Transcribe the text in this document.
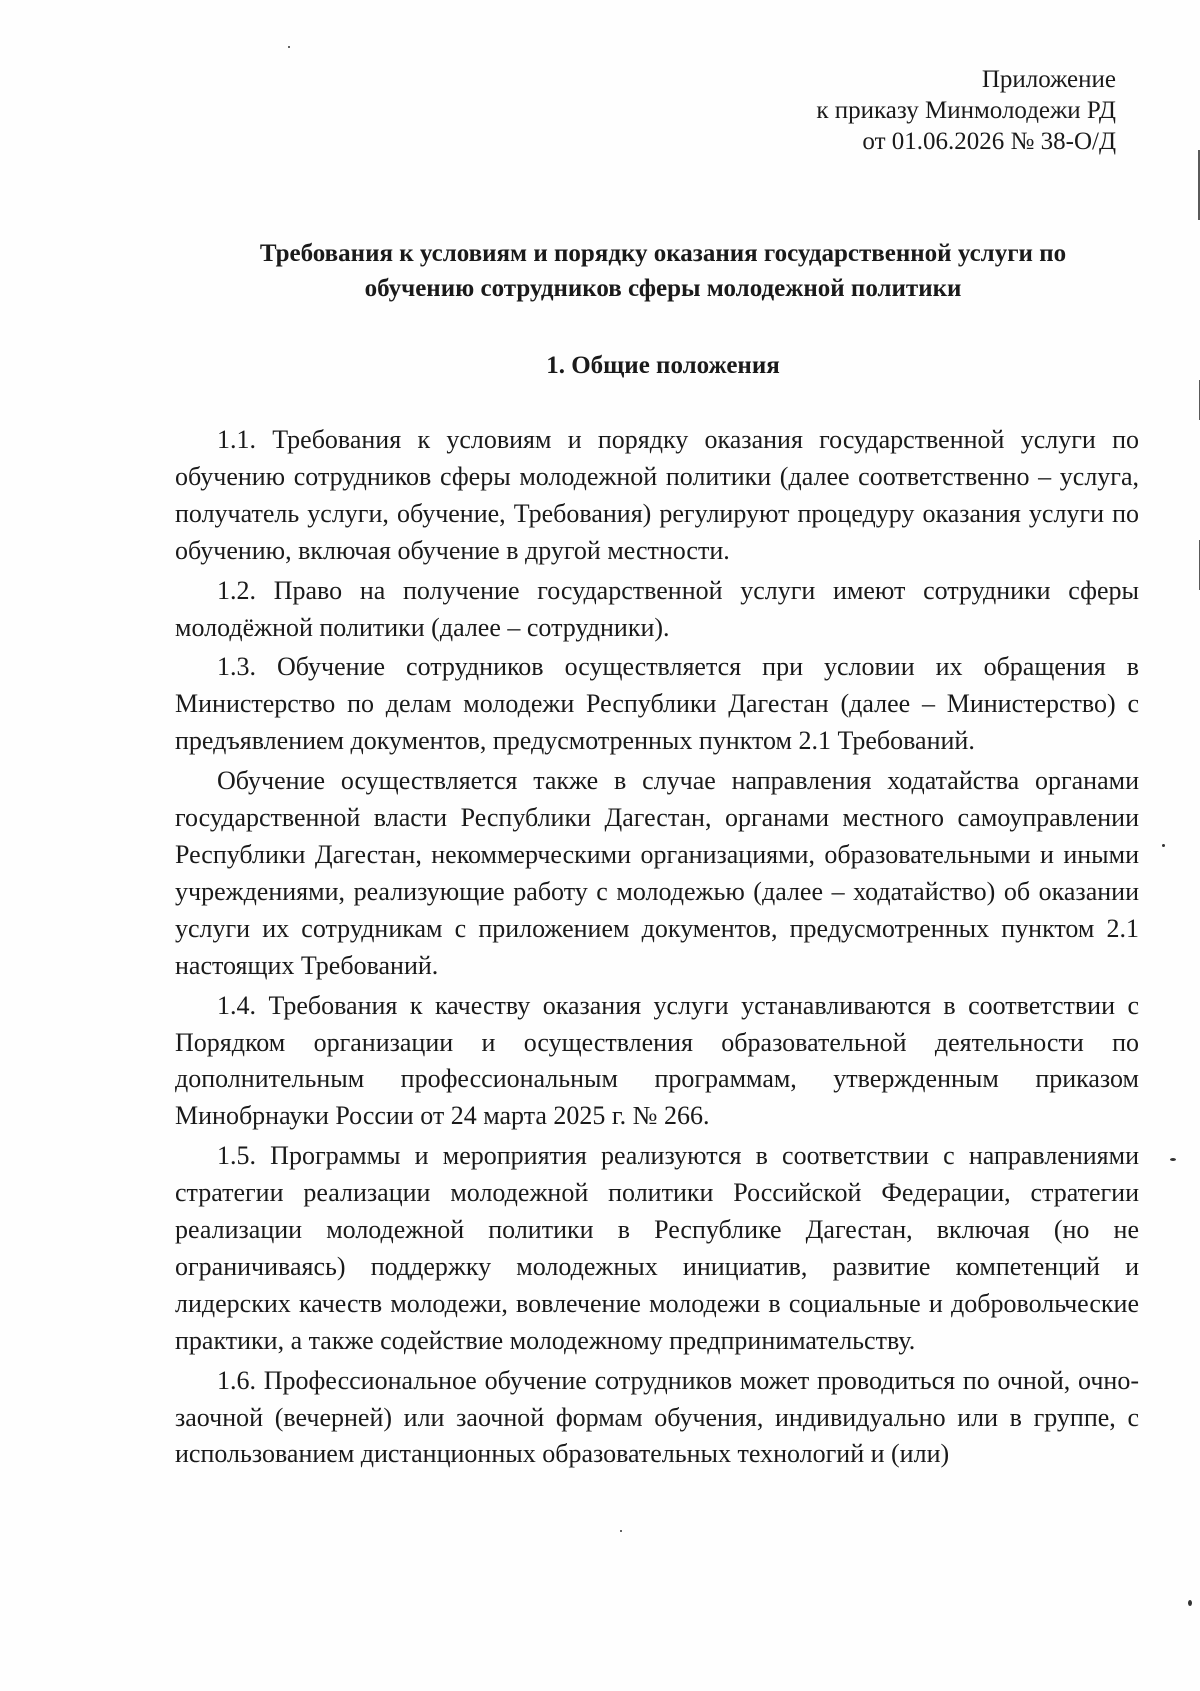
Приложение
к приказу Минмолодежи РД
от 01.06.2026 № 38-О/Д
Требования к условиям и порядку оказания государственной услуги по
обучению сотрудников сферы молодежной политики
1. Общие положения

1.1. Требования к условиям и порядку оказания государственной услуги по обучению сотрудников сферы молодежной политики (далее соответственно – услуга, получатель услуги, обучение, Требования) регулируют процедуру оказания услуги по обучению, включая обучение в другой местности.

1.2. Право на получение государственной услуги имеют сотрудники сферы молодёжной политики (далее – сотрудники).

1.3. Обучение сотрудников осуществляется при условии их обращения в Министерство по делам молодежи Республики Дагестан (далее – Министерство) с предъявлением документов, предусмотренных пунктом 2.1 Требований.

Обучение осуществляется также в случае направления ходатайства органами государственной власти Республики Дагестан, органами местного самоуправлении Республики Дагестан, некоммерческими организациями, образовательными и иными учреждениями, реализующие работу с молодежью (далее – ходатайство) об оказании услуги их сотрудникам с приложением документов, предусмотренных пунктом 2.1 настоящих Требований.

1.4. Требования к качеству оказания услуги устанавливаются в соответствии с Порядком организации и осуществления образовательной деятельности по дополнительным профессиональным программам, утвержденным приказом Минобрнауки России от 24 марта 2025 г. № 266.

1.5. Программы и мероприятия реализуются в соответствии с направлениями стратегии реализации молодежной политики Российской Федерации, стратегии реализации молодежной политики в Республике Дагестан, включая (но не ограничиваясь) поддержку молодежных инициатив, развитие компетенций и лидерских качеств молодежи, вовлечение молодежи в социальные и добровольческие практики, а также содействие молодежному предпринимательству.

1.6. Профессиональное обучение сотрудников может проводиться по очной, очно-заочной (вечерней) или заочной формам обучения, индивидуально или в группе, с использованием дистанционных образовательных технологий и (или)
